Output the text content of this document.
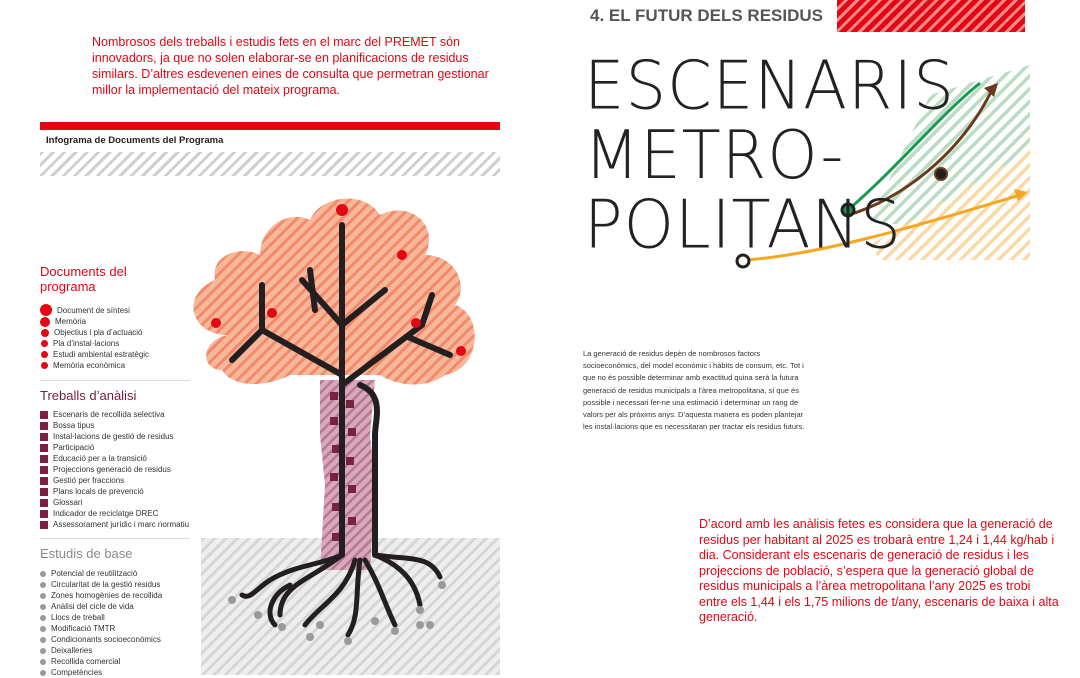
Nombrosos dels treballs i estudis fets en el marc del PREMET són innovadors, ja que no solen elaborar-se en planificacions de residus similars. D’altres esdevenen eines de consulta que permetran gestionar millor la implementació del mateix programa.
Infograma de Documents del Programa
Documents del programa
Document de síntesi
Memòria
Objectius i pla d’actuació
Pla d’instal·lacions
Estudi ambiental estratègic
Memòria econòmica
Treballs d’anàlisi
Escenaris de recollida selectiva
Bossa tipus
Instal·lacions de gestió de residus
Participació
Educació per a la transició
Projeccions generació de residus
Gestió per fraccions
Plans locals de prevenció
Glossari
Indicador de reciclatge DREC
Assessorament jurídic i marc normatiu
Estudis de base
Potencial de reutilització
Circularitat de la gestió residus
Zones homogènies de recollida
Anàlisi del cicle de vida
Llocs de treball
Modificació TMTR
Condicionants socioeconòmics
Deixalleries
Recollida comercial
Competències
4. EL FUTUR DELS RESIDUS
ESCENARIS
METRO-
POLITANS
La generació de residus depèn de nombrosos factors socioeconòmics, del model econòmic i hàbits de consum, etc. Tot i que no és possible determinar amb exactitud quina serà la futura generació de residus municipals a l’àrea metropolitana, sí que és possible i necessari fer-ne una estimació i determinar un rang de valors per als pròxims anys. D’aquesta manera es poden plantejar les instal·lacions que es necessitaran per tractar els residus futurs.
D’acord amb les anàlisis fetes es considera que la generació de residus per habitant al 2025 es trobarà entre 1,24 i 1,44 kg/hab i dia. Considerant els escenaris de generació de residus i les projeccions de població, s’espera que la generació global de residus municipals a l’àrea metropolitana l’any 2025 es trobi entre els 1,44 i els 1,75 milions de t/any, escenaris de baixa i alta generació.
